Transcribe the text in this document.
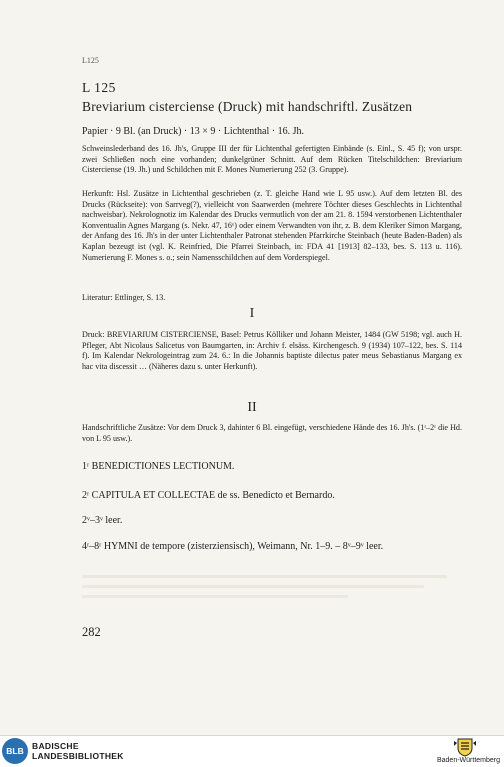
L125
L 125
Breviarium cisterciense (Druck) mit handschriftl. Zusätzen
Papier · 9 Bl. (an Druck) · 13 × 9 · Lichtenthal · 16. Jh.

Schweinslederband des 16. Jh's, Gruppe III der für Lichtenthal gefertigten Einbände (s. Einl., S. 45 f); von urspr. zwei Schließen noch eine vorhanden; dunkelgrüner Schnitt. Auf dem Rücken Titelschildchen: Breviarium Cisterciense (19. Jh.) und Schildchen mit F. Mones Numerierung 252 (3. Gruppe).

Herkunft: Hsl. Zusätze in Lichtenthal geschrieben (z. T. gleiche Hand wie L 95 usw.). Auf dem letzten Bl. des Drucks (Rückseite): von Sarrveg(?), vielleicht von Saarwerden (mehrere Töchter dieses Geschlechts in Lichtenthal nachweisbar). Nekrolognotiz im Kalendar des Drucks vermutlich von der am 21. 8. 1594 verstorbenen Lichtenthaler Konventualin Agnes Margang (s. Nekr. 47, 16ᵛ) oder einem Verwandten von ihr, z. B. dem Kleriker Simon Margang, der Anfang des 16. Jh's in der unter Lichtenthaler Patronat stehenden Pfarrkirche Steinbach (heute Baden-Baden) als Kaplan bezeugt ist (vgl. K. Reinfried, Die Pfarrei Steinbach, in: FDA 41 [1913] 82–133, bes. S. 113 u. 116). Numerierung F. Mones s. o.; sein Namensschildchen auf dem Vorderspiegel.

Literatur: Ettlinger, S. 13.

I

Druck: BREVIARIUM CISTERCIENSE, Basel: Petrus Kölliker und Johann Meister, 1484 (GW 5198; vgl. auch H. Pfleger, Abt Nicolaus Salicetus von Baumgarten, in: Archiv f. elsäss. Kirchengesch. 9 (1934) 107–122, bes. S. 114 f). Im Kalendar Nekrologeintrag zum 24. 6.: In die Johannis baptiste dilectus pater meus Sebastianus Margang ex hac vita discessit … (Näheres dazu s. unter Herkunft).

II

Handschriftliche Zusätze: Vor dem Druck 3, dahinter 6 Bl. eingefügt, verschiedene Hände des 16. Jh's. (1ʳ–2ʳ die Hd. von L 95 usw.).

1ʳ BENEDICTIONES LECTIONUM.
2ʳ CAPITULA ET COLLECTAE de ss. Benedicto et Bernardo.
2ᵛ–3ᵛ leer.
4ʳ–8ʳ HYMNI de tempore (zisterziensisch), Weimann, Nr. 1–9. – 8ᵛ–9ᵛ leer.
282
BLB BADISCHE
LANDESBIBLIOTHEK	Baden-Württemberg
